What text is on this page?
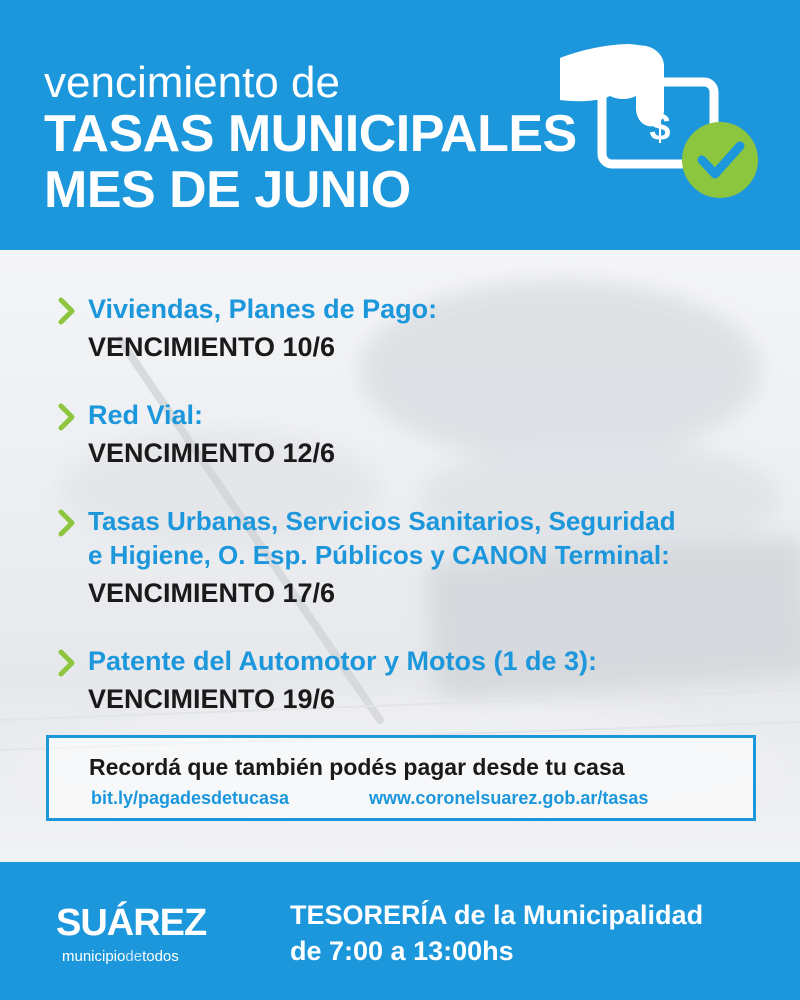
vencimiento de
TASAS MUNICIPALES
MES DE JUNIO
$
Viviendas, Planes de Pago:
VENCIMIENTO 10/6
Red Vial:
VENCIMIENTO 12/6
Tasas Urbanas, Servicios Sanitarios, Seguridad
e Higiene, O. Esp. Públicos y CANON Terminal:
VENCIMIENTO 17/6
Patente del Automotor y Motos (1 de 3):
VENCIMIENTO 19/6
Recordá que también podés pagar desde tu casa
bit.ly/pagadesdetucasa	www.coronelsuarez.gob.ar/tasas
SUÁREZ
municipiodetodos
TESORERÍA de la Municipalidad
de 7:00 a 13:00hs
